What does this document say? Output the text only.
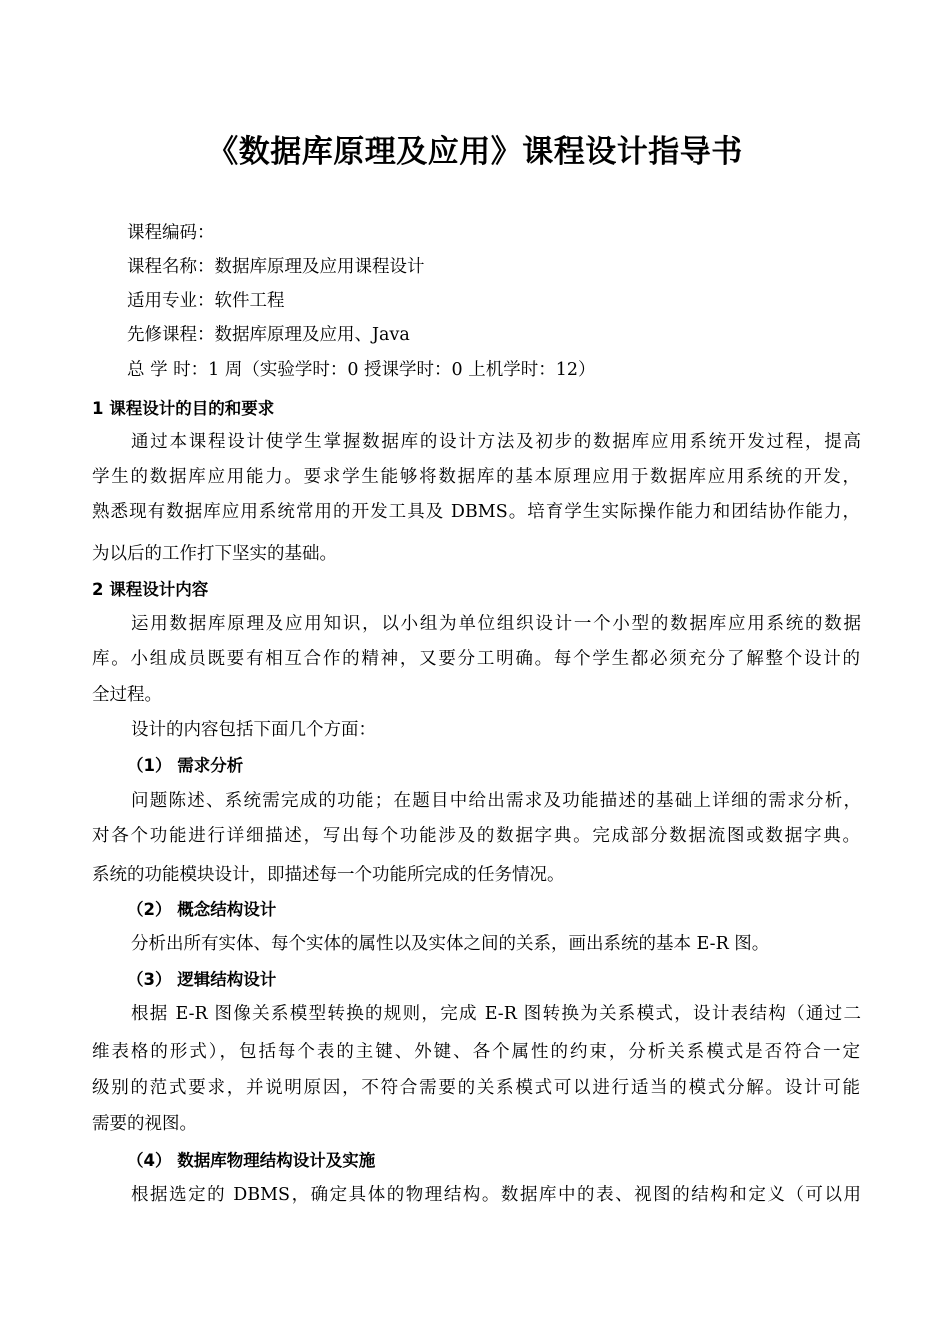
《数据库原理及应用》课程设计指导书
课程编码：
课程名称：数据库原理及应用课程设计
适用专业：软件工程
先修课程：数据库原理及应用、Java
总 学 时：1 周（实验学时：0 授课学时：0 上机学时：12）
1 课程设计的目的和要求
通过本课程设计使学生掌握数据库的设计方法及初步的数据库应用系统开发过程，提高
学生的数据库应用能力。要求学生能够将数据库的基本原理应用于数据库应用系统的开发，
熟悉现有数据库应用系统常用的开发工具及 DBMS。培育学生实际操作能力和团结协作能力，
为以后的工作打下坚实的基础。
2 课程设计内容
运用数据库原理及应用知识，以小组为单位组织设计一个小型的数据库应用系统的数据
库。小组成员既要有相互合作的精神，又要分工明确。每个学生都必须充分了解整个设计的
全过程。
设计的内容包括下面几个方面：
（1） 需求分析
问题陈述、系统需完成的功能；在题目中给出需求及功能描述的基础上详细的需求分析，
对各个功能进行详细描述，写出每个功能涉及的数据字典。完成部分数据流图或数据字典。
系统的功能模块设计，即描述每一个功能所完成的任务情况。
（2） 概念结构设计
分析出所有实体、每个实体的属性以及实体之间的关系，画出系统的基本 E-R 图。
（3） 逻辑结构设计
根据 E-R 图像关系模型转换的规则，完成 E-R 图转换为关系模式，设计表结构（通过二
维表格的形式），包括每个表的主键、外键、各个属性的约束，分析关系模式是否符合一定
级别的范式要求，并说明原因，不符合需要的关系模式可以进行适当的模式分解。设计可能
需要的视图。
（4） 数据库物理结构设计及实施
根据选定的 DBMS，确定具体的物理结构。数据库中的表、视图的结构和定义（可以用
